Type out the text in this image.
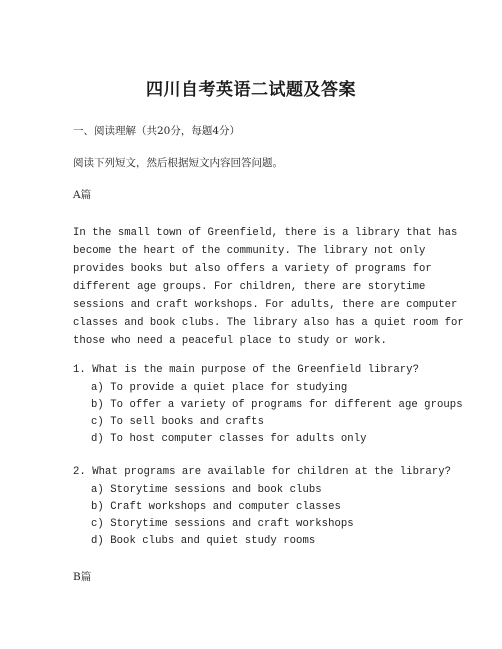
四川自考英语二试题及答案
一、阅读理解（共20分，每题4分）
阅读下列短文，然后根据短文内容回答问题。
A篇
In the small town of Greenfield, there is a library that has
become the heart of the community. The library not only
provides books but also offers a variety of programs for
different age groups. For children, there are storytime
sessions and craft workshops. For adults, there are computer
classes and book clubs. The library also has a quiet room for
those who need a peaceful place to study or work.
1. What is the main purpose of the Greenfield library?
a) To provide a quiet place for studying
b) To offer a variety of programs for different age groups
c) To sell books and crafts
d) To host computer classes for adults only
2. What programs are available for children at the library?
a) Storytime sessions and book clubs
b) Craft workshops and computer classes
c) Storytime sessions and craft workshops
d) Book clubs and quiet study rooms
B篇
